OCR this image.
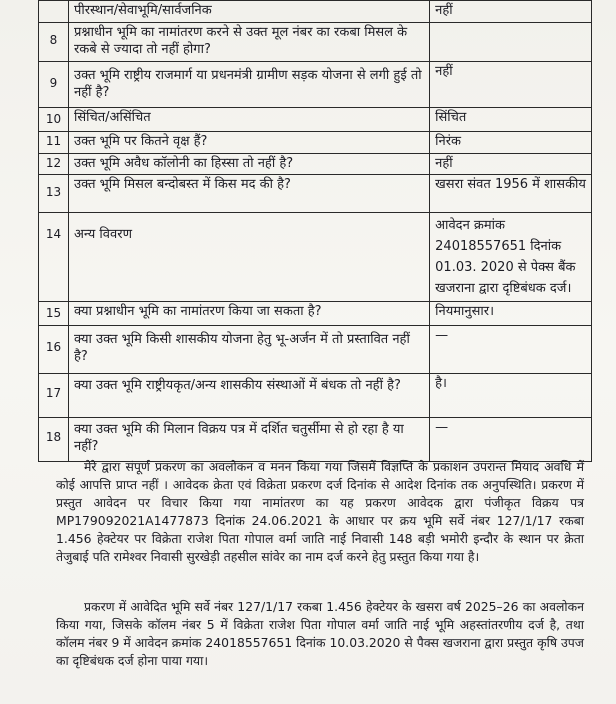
	पीरस्थान/सेवाभूमि/सार्वजनिक	नहीं
8	प्रश्नाधीन भूमि का नामांतरण करने से उक्त मूल नंबर का रकबा मिसल के रकबे से ज्यादा तो नहीं होगा?	
9	उक्त भूमि राष्ट्रीय राजमार्ग या प्रधनमंत्री ग्रामीण सड़क योजना से लगी हुई तो नहीं है?	नहीं
10	सिंचित/असिंचित	सिंचित
11	उक्त भूमि पर कितने वृक्ष हैं?	निरंक
12	उक्त भूमि अवैध कॉलोनी का हिस्सा तो नहीं है?	नहीं
13	उक्त भूमि मिसल बन्दोबस्त में किस मद की है?	खसरा संवत 1956 में शासकीय
14	अन्य विवरण	आवेदन क्रमांक 24018557651 दिनांक 01.03. 2020 से पेक्स बैंक खजराना द्वारा दृष्टिबंधक दर्ज।
15	क्या प्रश्नाधीन भूमि का नामांतरण किया जा सकता है?	नियमानुसार।
16	क्या उक्त भूमि किसी शासकीय योजना हेतु भू-अर्जन में तो प्रस्तावित नहीं है?	—
17	क्या उक्त भूमि राष्ट्रीयकृत/अन्य शासकीय संस्थाओं में बंधक तो नहीं है?	है।
18	क्या उक्त भूमि की मिलान विक्रय पत्र में दर्शित चतुर्सीमा से हो रहा है या नहीं?	—

मेरे द्वारा संपूर्ण प्रकरण का अवलोकन व मनन किया गया जिसमें विज्ञप्ति के प्रकाशन उपरान्त मियाद अवधि में कोई आपत्ति प्राप्त नहीं । आवेदक क्रेता एवं विक्रेता प्रकरण दर्ज दिनांक से आदेश दिनांक तक अनुपस्थिति। प्रकरण में प्रस्तुत आवेदन पर विचार किया गया नामांतरण का यह प्रकरण आवेदक द्वारा पंजीकृत विक्रय पत्र MP179092021A1477873 दिनांक 24.06.2021 के आधार पर क्रय भूमि सर्वे नंबर 127/1/17 रकबा 1.456 हेक्टेयर पर विक्रेता राजेश पिता गोपाल वर्मा जाति नाई निवासी 148 बड़ी भमोरी इन्दौर के स्थान पर क्रेता तेजुबाई पति रामेश्वर निवासी सुरखेड़ी तहसील सांवेर का नाम दर्ज करने हेतु प्रस्तुत किया गया है।

प्रकरण में आवेदित भूमि सर्वे नंबर 127/1/17 रकबा 1.456 हेक्टेयर के खसरा वर्ष 2025–26 का अवलोकन किया गया, जिसके कॉलम नंबर 5 में विक्रेता राजेश पिता गोपाल वर्मा जाति नाई भूमि अहस्तांतरणीय दर्ज है, तथा कॉलम नंबर 9 में आवेदन क्रमांक 24018557651 दिनांक 10.03.2020 से पैक्स खजराना द्वारा प्रस्तुत कृषि उपज का दृष्टिबंधक दर्ज होना पाया गया।
